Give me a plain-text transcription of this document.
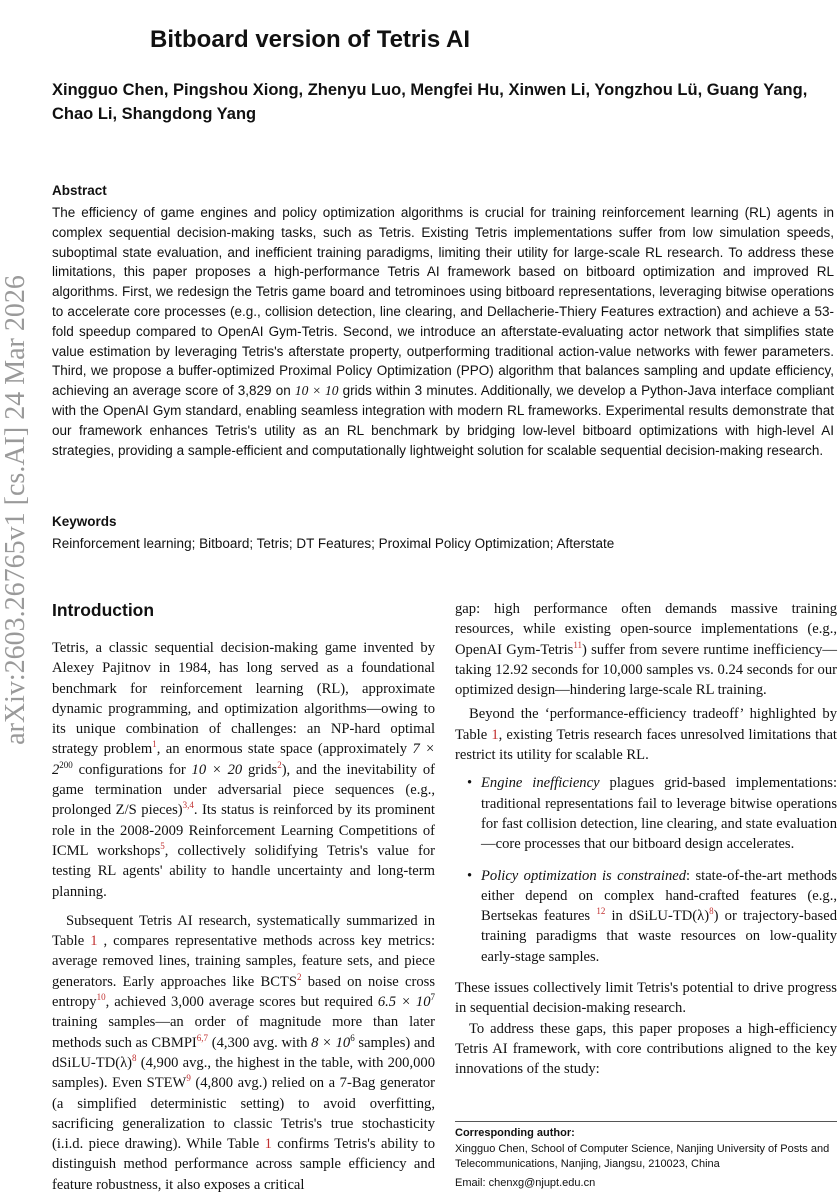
arXiv:2603.26765v1 [cs.AI] 24 Mar 2026
Bitboard version of Tetris AI

Xingguo Chen, Pingshou Xiong, Zhenyu Luo, Mengfei Hu, Xinwen Li, Yongzhou Lü, Guang Yang, Chao Li, Shangdong Yang

Abstract

The efficiency of game engines and policy optimization algorithms is crucial for training reinforcement learning (RL) agents in complex sequential decision-making tasks, such as Tetris. Existing Tetris implementations suffer from low simulation speeds, suboptimal state evaluation, and inefficient training paradigms, limiting their utility for large-scale RL research. To address these limitations, this paper proposes a high-performance Tetris AI framework based on bitboard optimization and improved RL algorithms. First, we redesign the Tetris game board and tetrominoes using bitboard representations, leveraging bitwise operations to accelerate core processes (e.g., collision detection, line clearing, and Dellacherie-Thiery Features extraction) and achieve a 53-fold speedup compared to OpenAI Gym-Tetris. Second, we introduce an afterstate-evaluating actor network that simplifies state value estimation by leveraging Tetris's afterstate property, outperforming traditional action-value networks with fewer parameters. Third, we propose a buffer-optimized Proximal Policy Optimization (PPO) algorithm that balances sampling and update efficiency, achieving an average score of 3,829 on 10 × 10 grids within 3 minutes. Additionally, we develop a Python-Java interface compliant with the OpenAI Gym standard, enabling seamless integration with modern RL frameworks. Experimental results demonstrate that our framework enhances Tetris's utility as an RL benchmark by bridging low-level bitboard optimizations with high-level AI strategies, providing a sample-efficient and computationally lightweight solution for scalable sequential decision-making research.

Keywords

Reinforcement learning; Bitboard; Tetris; DT Features; Proximal Policy Optimization; Afterstate

Introduction

Tetris, a classic sequential decision-making game invented by Alexey Pajitnov in 1984, has long served as a foundational benchmark for reinforcement learning (RL), approximate dynamic programming, and optimization algorithms—owing to its unique combination of challenges: an NP-hard optimal strategy problem$^1$, an enormous state space (approximately $7 \times 2^{200}$ configurations for 10 × 20 grids$^2$), and the inevitability of game termination under adversarial piece sequences (e.g., prolonged Z/S pieces)$^{3,4}$. Its status is reinforced by its prominent role in the 2008-2009 Reinforcement Learning Competitions of ICML workshops$^5$, collectively solidifying Tetris's value for testing RL agents' ability to handle uncertainty and long-term planning.

Subsequent Tetris AI research, systematically summarized in Table 1 , compares representative methods across key metrics: average removed lines, training samples, feature sets, and piece generators. Early approaches like BCTS$^2$ based on noise cross entropy$^{10}$, achieved 3,000 average scores but required $6.5 \times 10^7$ training samples—an order of magnitude more than later methods such as CBMPI$^{6,7}$ (4,300 avg. with $8 \times 10^6$ samples) and dSiLU-TD(λ)$^8$ (4,900 avg., the highest in the table, with 200,000 samples). Even STEW$^9$ (4,800 avg.) relied on a 7-Bag generator (a simplified deterministic setting) to avoid overfitting, sacrificing generalization to classic Tetris's true stochasticity (i.i.d. piece drawing). While Table 1 confirms Tetris's ability to distinguish method performance across sample efficiency and feature robustness, it also exposes a critical

gap: high performance often demands massive training resources, while existing open-source implementations (e.g., OpenAI Gym-Tetris$^{11}$) suffer from severe runtime inefficiency—taking 12.92 seconds for 10,000 samples vs. 0.24 seconds for our optimized design—hindering large-scale RL training.

Beyond the ‘performance-efficiency tradeoff’ highlighted by Table 1, existing Tetris research faces unresolved limitations that restrict its utility for scalable RL.

• Engine inefficiency plagues grid-based implementations: traditional representations fail to leverage bitwise operations for fast collision detection, line clearing, and state evaluation—core processes that our bitboard design accelerates.
• Policy optimization is constrained: state-of-the-art methods either depend on complex hand-crafted features (e.g., Bertsekas features $^{12}$ in dSiLU-TD(λ)$^8$) or trajectory-based training paradigms that waste resources on low-quality early-stage samples.

These issues collectively limit Tetris's potential to drive progress in sequential decision-making research.

To address these gaps, this paper proposes a high-efficiency Tetris AI framework, with core contributions aligned to the key innovations of the study:

Corresponding author:
Xingguo Chen, School of Computer Science, Nanjing University of Posts and Telecommunications, Nanjing, Jiangsu, 210023, China
Email: chenxg@njupt.edu.cn
